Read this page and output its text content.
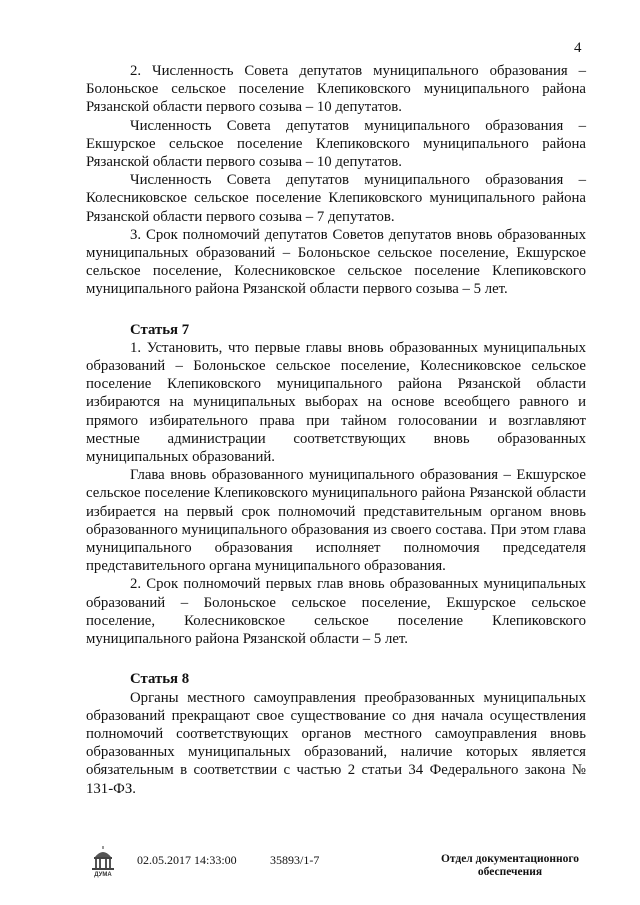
4

2. Численность Совета депутатов муниципального образования – Болоньское сельское поселение Клепиковского муниципального района Рязанской области первого созыва – 10 депутатов.

Численность Совета депутатов муниципального образования – Екшурское сельское поселение Клепиковского муниципального района Рязанской области первого созыва – 10 депутатов.

Численность Совета депутатов муниципального образования – Колесниковское сельское поселение Клепиковского муниципального района Рязанской области первого созыва – 7 депутатов.

3. Срок полномочий депутатов Советов депутатов вновь образованных муниципальных образований – Болоньское сельское поселение, Екшурское сельское поселение, Колесниковское сельское поселение Клепиковского муниципального района Рязанской области первого созыва – 5 лет.

Статья 7

1. Установить, что первые главы вновь образованных муниципальных образований – Болоньское сельское поселение, Колесниковское сельское поселение Клепиковского муниципального района Рязанской области избираются на муниципальных выборах на основе всеобщего равного и прямого избирательного права при тайном голосовании и возглавляют местные администрации соответствующих вновь образованных муниципальных образований.

Глава вновь образованного муниципального образования – Екшурское сельское поселение Клепиковского муниципального района Рязанской области избирается на первый срок полномочий представительным органом вновь образованного муниципального образования из своего состава. При этом глава муниципального образования исполняет полномочия председателя представительного органа муниципального образования.

2. Срок полномочий первых глав вновь образованных муниципальных образований – Болоньское сельское поселение, Екшурское сельское поселение, Колесниковское сельское поселение Клепиковского муниципального района Рязанской области – 5 лет.

Статья 8

Органы местного самоуправления преобразованных муниципальных образований прекращают свое существование со дня начала осуществления полномочий соответствующих органов местного самоуправления вновь образованных муниципальных образований, наличие которых является обязательным в соответствии с частью 2 статьи 34 Федерального закона № 131-ФЗ.

ДУМА
02.05.2017 14:33:00	35893/1-7	Отдел документационного
обеспечения
